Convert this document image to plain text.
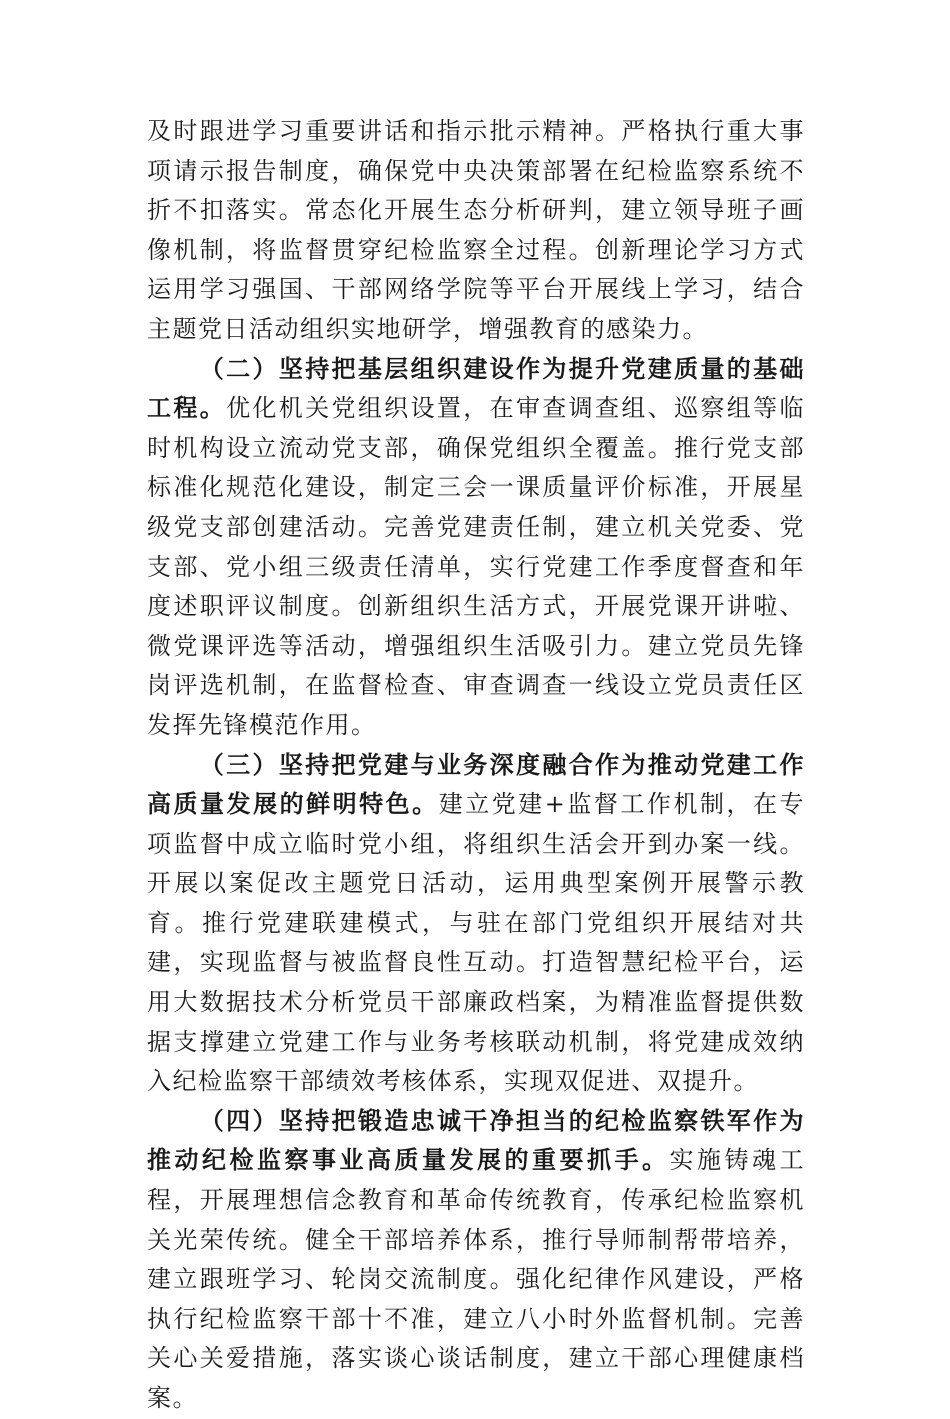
及时跟进学习重要讲话和指示批示精神。严格执行重大事项请示报告制度，确保党中央决策部署在纪检监察系统不折不扣落实。常态化开展生态分析研判，建立领导班子画像机制，将监督贯穿纪检监察全过程。创新理论学习方式运用学习强国、干部网络学院等平台开展线上学习，结合主题党日活动组织实地研学，增强教育的感染力。

（二）坚持把基层组织建设作为提升党建质量的基础工程。优化机关党组织设置，在审查调查组、巡察组等临时机构设立流动党支部，确保党组织全覆盖。推行党支部标准化规范化建设，制定三会一课质量评价标准，开展星级党支部创建活动。完善党建责任制，建立机关党委、党支部、党小组三级责任清单，实行党建工作季度督查和年度述职评议制度。创新组织生活方式，开展党课开讲啦、微党课评选等活动，增强组织生活吸引力。建立党员先锋岗评选机制，在监督检查、审查调查一线设立党员责任区发挥先锋模范作用。

（三）坚持把党建与业务深度融合作为推动党建工作高质量发展的鲜明特色。建立党建+监督工作机制，在专项监督中成立临时党小组，将组织生活会开到办案一线。开展以案促改主题党日活动，运用典型案例开展警示教育。推行党建联建模式，与驻在部门党组织开展结对共建，实现监督与被监督良性互动。打造智慧纪检平台，运用大数据技术分析党员干部廉政档案，为精准监督提供数据支撑建立党建工作与业务考核联动机制，将党建成效纳入纪检监察干部绩效考核体系，实现双促进、双提升。

（四）坚持把锻造忠诚干净担当的纪检监察铁军作为推动纪检监察事业高质量发展的重要抓手。实施铸魂工程，开展理想信念教育和革命传统教育，传承纪检监察机关光荣传统。健全干部培养体系，推行导师制帮带培养，建立跟班学习、轮岗交流制度。强化纪律作风建设，严格执行纪检监察干部十不准，建立八小时外监督机制。完善关心关爱措施，落实谈心谈话制度，建立干部心理健康档案。
